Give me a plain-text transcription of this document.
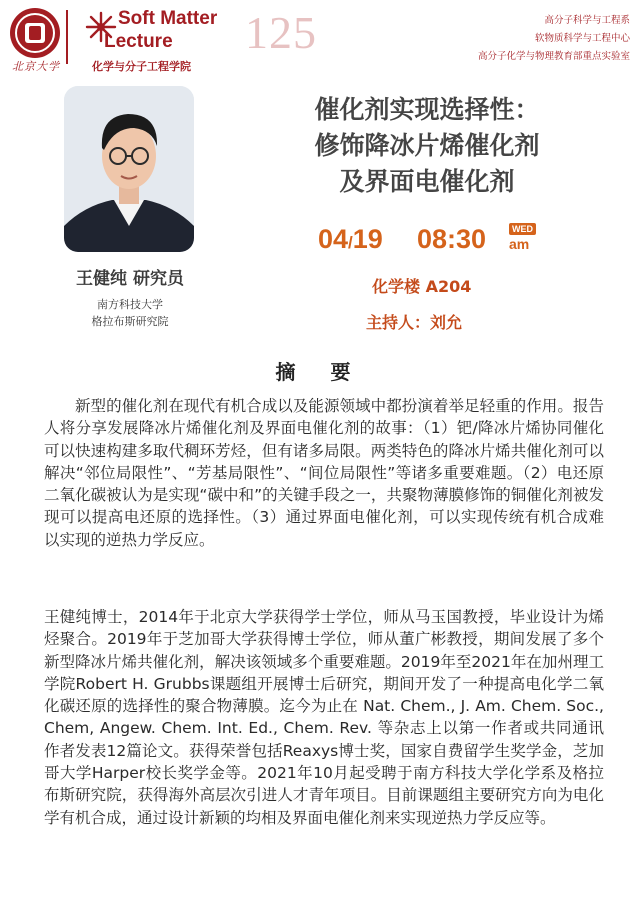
北京大学
Soft Matter
Lecture 125
化学与分子工程学院
高分子科学与工程系
软物质科学与工程中心
高分子化学与物理教育部重点实验室
王健纯 研究员
南方科技大学
格拉布斯研究院
催化剂实现选择性：
修饰降冰片烯催化剂
及界面电催化剂
04/19 08:30	WED
am
化学楼 A204
主持人：刘允
摘 要

新型的催化剂在现代有机合成以及能源领域中都扮演着举足轻重的作用。报告人将分享发展降冰片烯催化剂及界面电催化剂的故事：（1）钯/降冰片烯协同催化可以快速构建多取代稠环芳烃，但有诸多局限。两类特色的降冰片烯共催化剂可以解决“邻位局限性”、“芳基局限性”、“间位局限性”等诸多重要难题。（2）电还原二氧化碳被认为是实现“碳中和”的关键手段之一，共聚物薄膜修饰的铜催化剂被发现可以提高电还原的选择性。（3）通过界面电催化剂，可以实现传统有机合成难以实现的逆热力学反应。

王健纯博士，2014年于北京大学获得学士学位，师从马玉国教授，毕业设计为烯烃聚合。2019年于芝加哥大学获得博士学位，师从董广彬教授，期间发展了多个新型降冰片烯共催化剂，解决该领域多个重要难题。2019年至2021年在加州理工学院Robert H. Grubbs课题组开展博士后研究，期间开发了一种提高电化学二氧化碳还原的选择性的聚合物薄膜。迄今为止在 Nat. Chem., J. Am. Chem. Soc., Chem, Angew. Chem. Int. Ed., Chem. Rev. 等杂志上以第一作者或共同通讯作者发表12篇论文。获得荣誉包括Reaxys博士奖，国家自费留学生奖学金，芝加哥大学Harper校长奖学金等。2021年10月起受聘于南方科技大学化学系及格拉布斯研究院，获得海外高层次引进人才青年项目。目前课题组主要研究方向为电化学有机合成，通过设计新颖的均相及界面电催化剂来实现逆热力学反应等。
